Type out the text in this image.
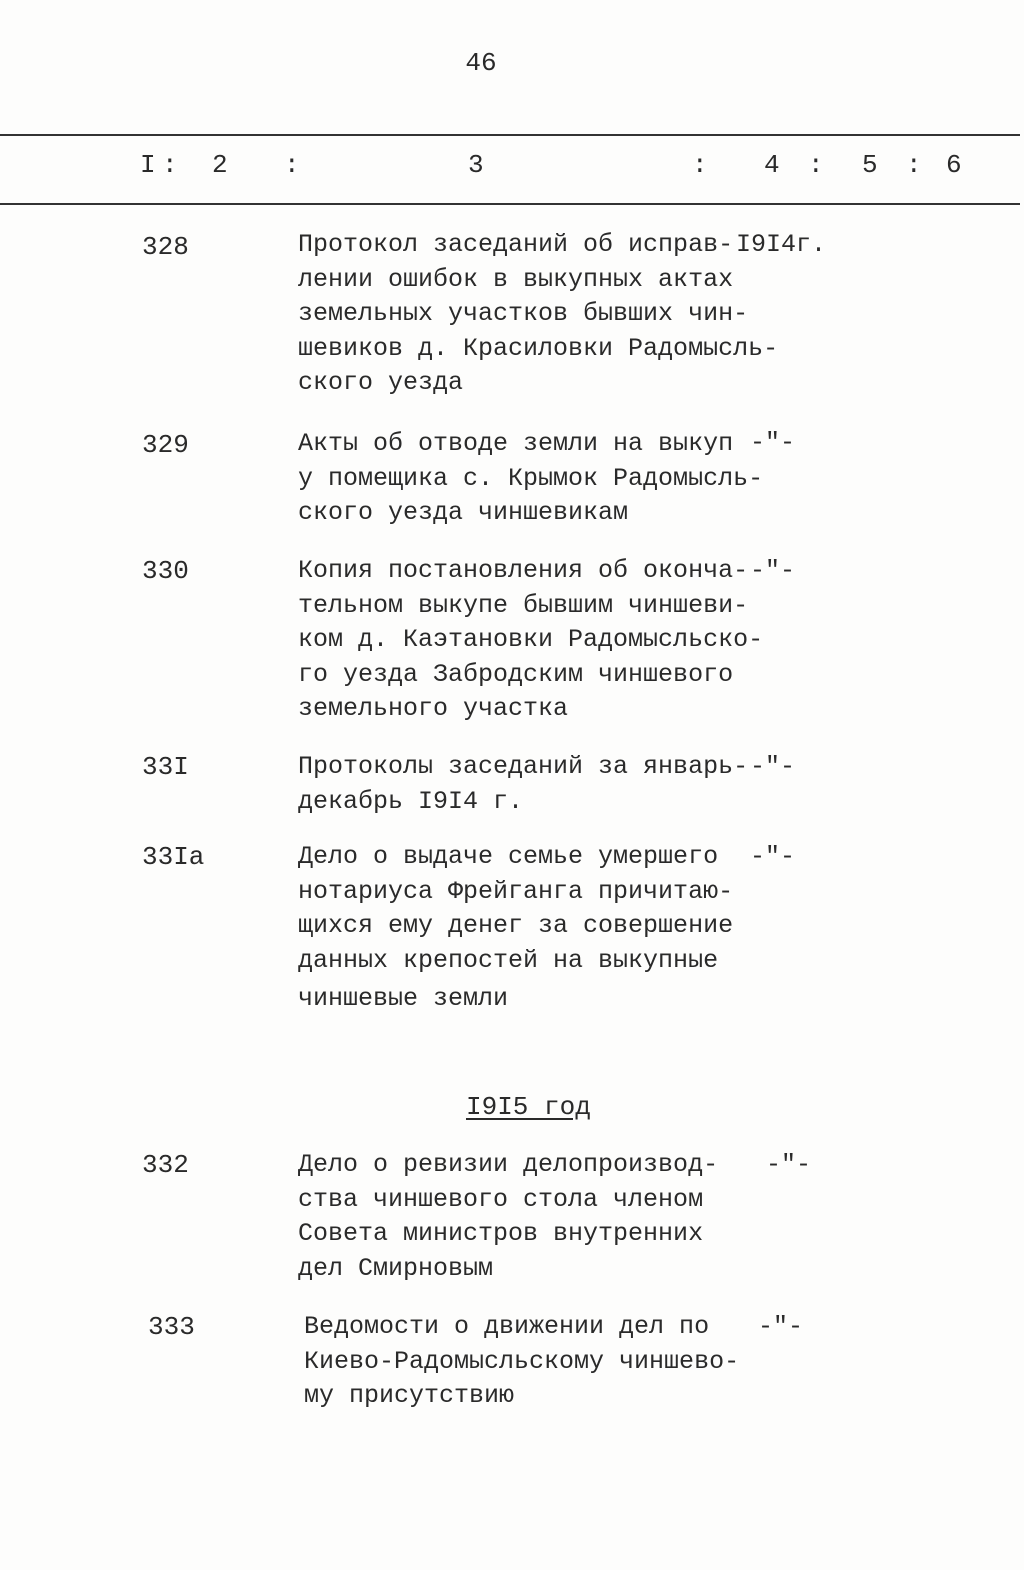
46
I : 2 :	3	: 4 : 5 : 6
328	Протокол заседаний об исправ-
лении ошибок в выкупных актах
земельных участков бывших чин-
шевиков д. Красиловки Радомысль-
ского уезда
I9I4г.
329	Акты об отводе земли на выкуп
у помещика с. Крымок Радомысль-
ского уезда чиншевикам
-"-
330	Копия постановления об оконча-
тельном выкупе бывшим чиншеви-
ком д. Каэтановки Радомысльско-
го уезда Забродским чиншевого
земельного участка
-"-
33I	Протоколы заседаний за январь-
декабрь I9I4 г.
-"-
33Iа	Дело о выдаче семье умершего
нотариуса Фрейганга причитаю-
щихся ему денег за совершение
данных крепостей на выкупные
чиншевые земли
-"-
I9I5 год
332	Дело о ревизии делопроизвод-
ства чиншевого стола членом
Совета министров внутренних
дел Смирновым
-"-
333	Ведомости о движении дел по
Киево-Радомысльскому чиншево-
му присутствию
-"-
